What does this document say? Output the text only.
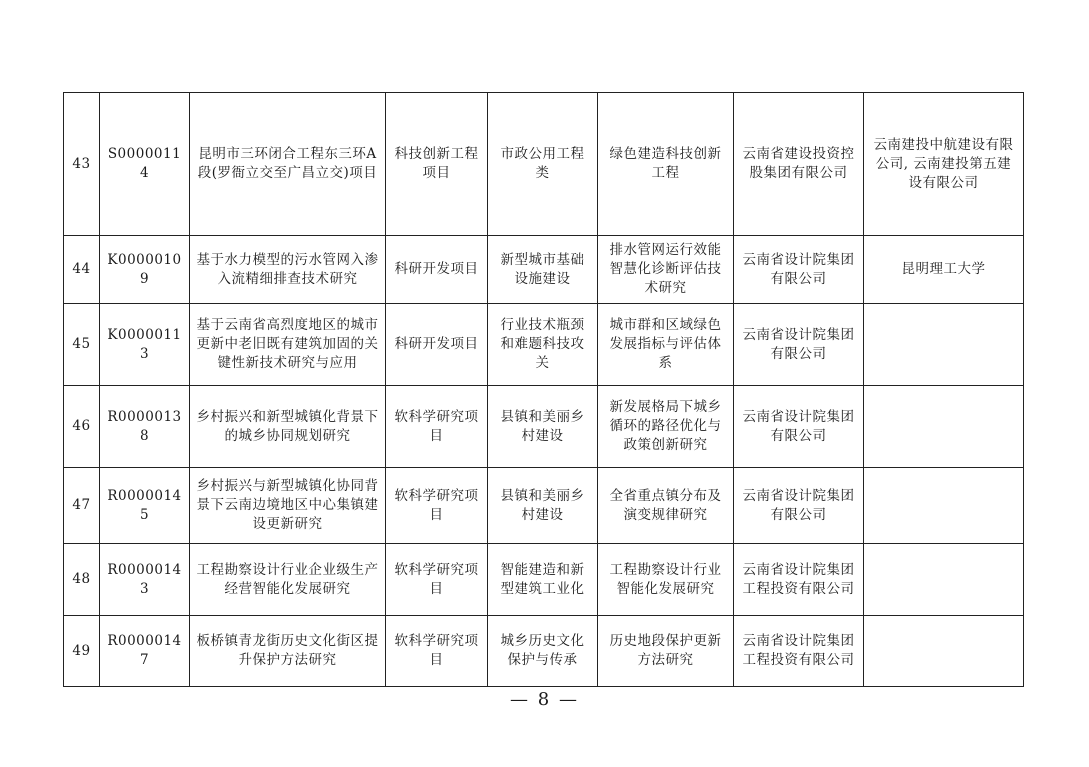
43	S00000114	昆明市三环闭合工程东三环A段(罗衙立交至广昌立交)项目	科技创新工程项目	市政公用工程类	绿色建造科技创新工程	云南省建设投资控股集团有限公司	云南建投中航建设有限公司, 云南建投第五建设有限公司
44	K00000109	基于水力模型的污水管网入渗入流精细排查技术研究	科研开发项目	新型城市基础设施建设	排水管网运行效能智慧化诊断评估技术研究	云南省设计院集团有限公司	昆明理工大学
45	K00000113	基于云南省高烈度地区的城市更新中老旧既有建筑加固的关键性新技术研究与应用	科研开发项目	行业技术瓶颈和难题科技攻关	城市群和区域绿色发展指标与评估体系	云南省设计院集团有限公司	
46	R00000138	乡村振兴和新型城镇化背景下的城乡协同规划研究	软科学研究项目	县镇和美丽乡村建设	新发展格局下城乡循环的路径优化与政策创新研究	云南省设计院集团有限公司	
47	R00000145	乡村振兴与新型城镇化协同背景下云南边境地区中心集镇建设更新研究	软科学研究项目	县镇和美丽乡村建设	全省重点镇分布及演变规律研究	云南省设计院集团有限公司	
48	R00000143	工程勘察设计行业企业级生产经营智能化发展研究	软科学研究项目	智能建造和新型建筑工业化	工程勘察设计行业智能化发展研究	云南省设计院集团工程投资有限公司	
49	R00000147	板桥镇青龙街历史文化街区提升保护方法研究	软科学研究项目	城乡历史文化保护与传承	历史地段保护更新方法研究	云南省设计院集团工程投资有限公司	
— 8 —
